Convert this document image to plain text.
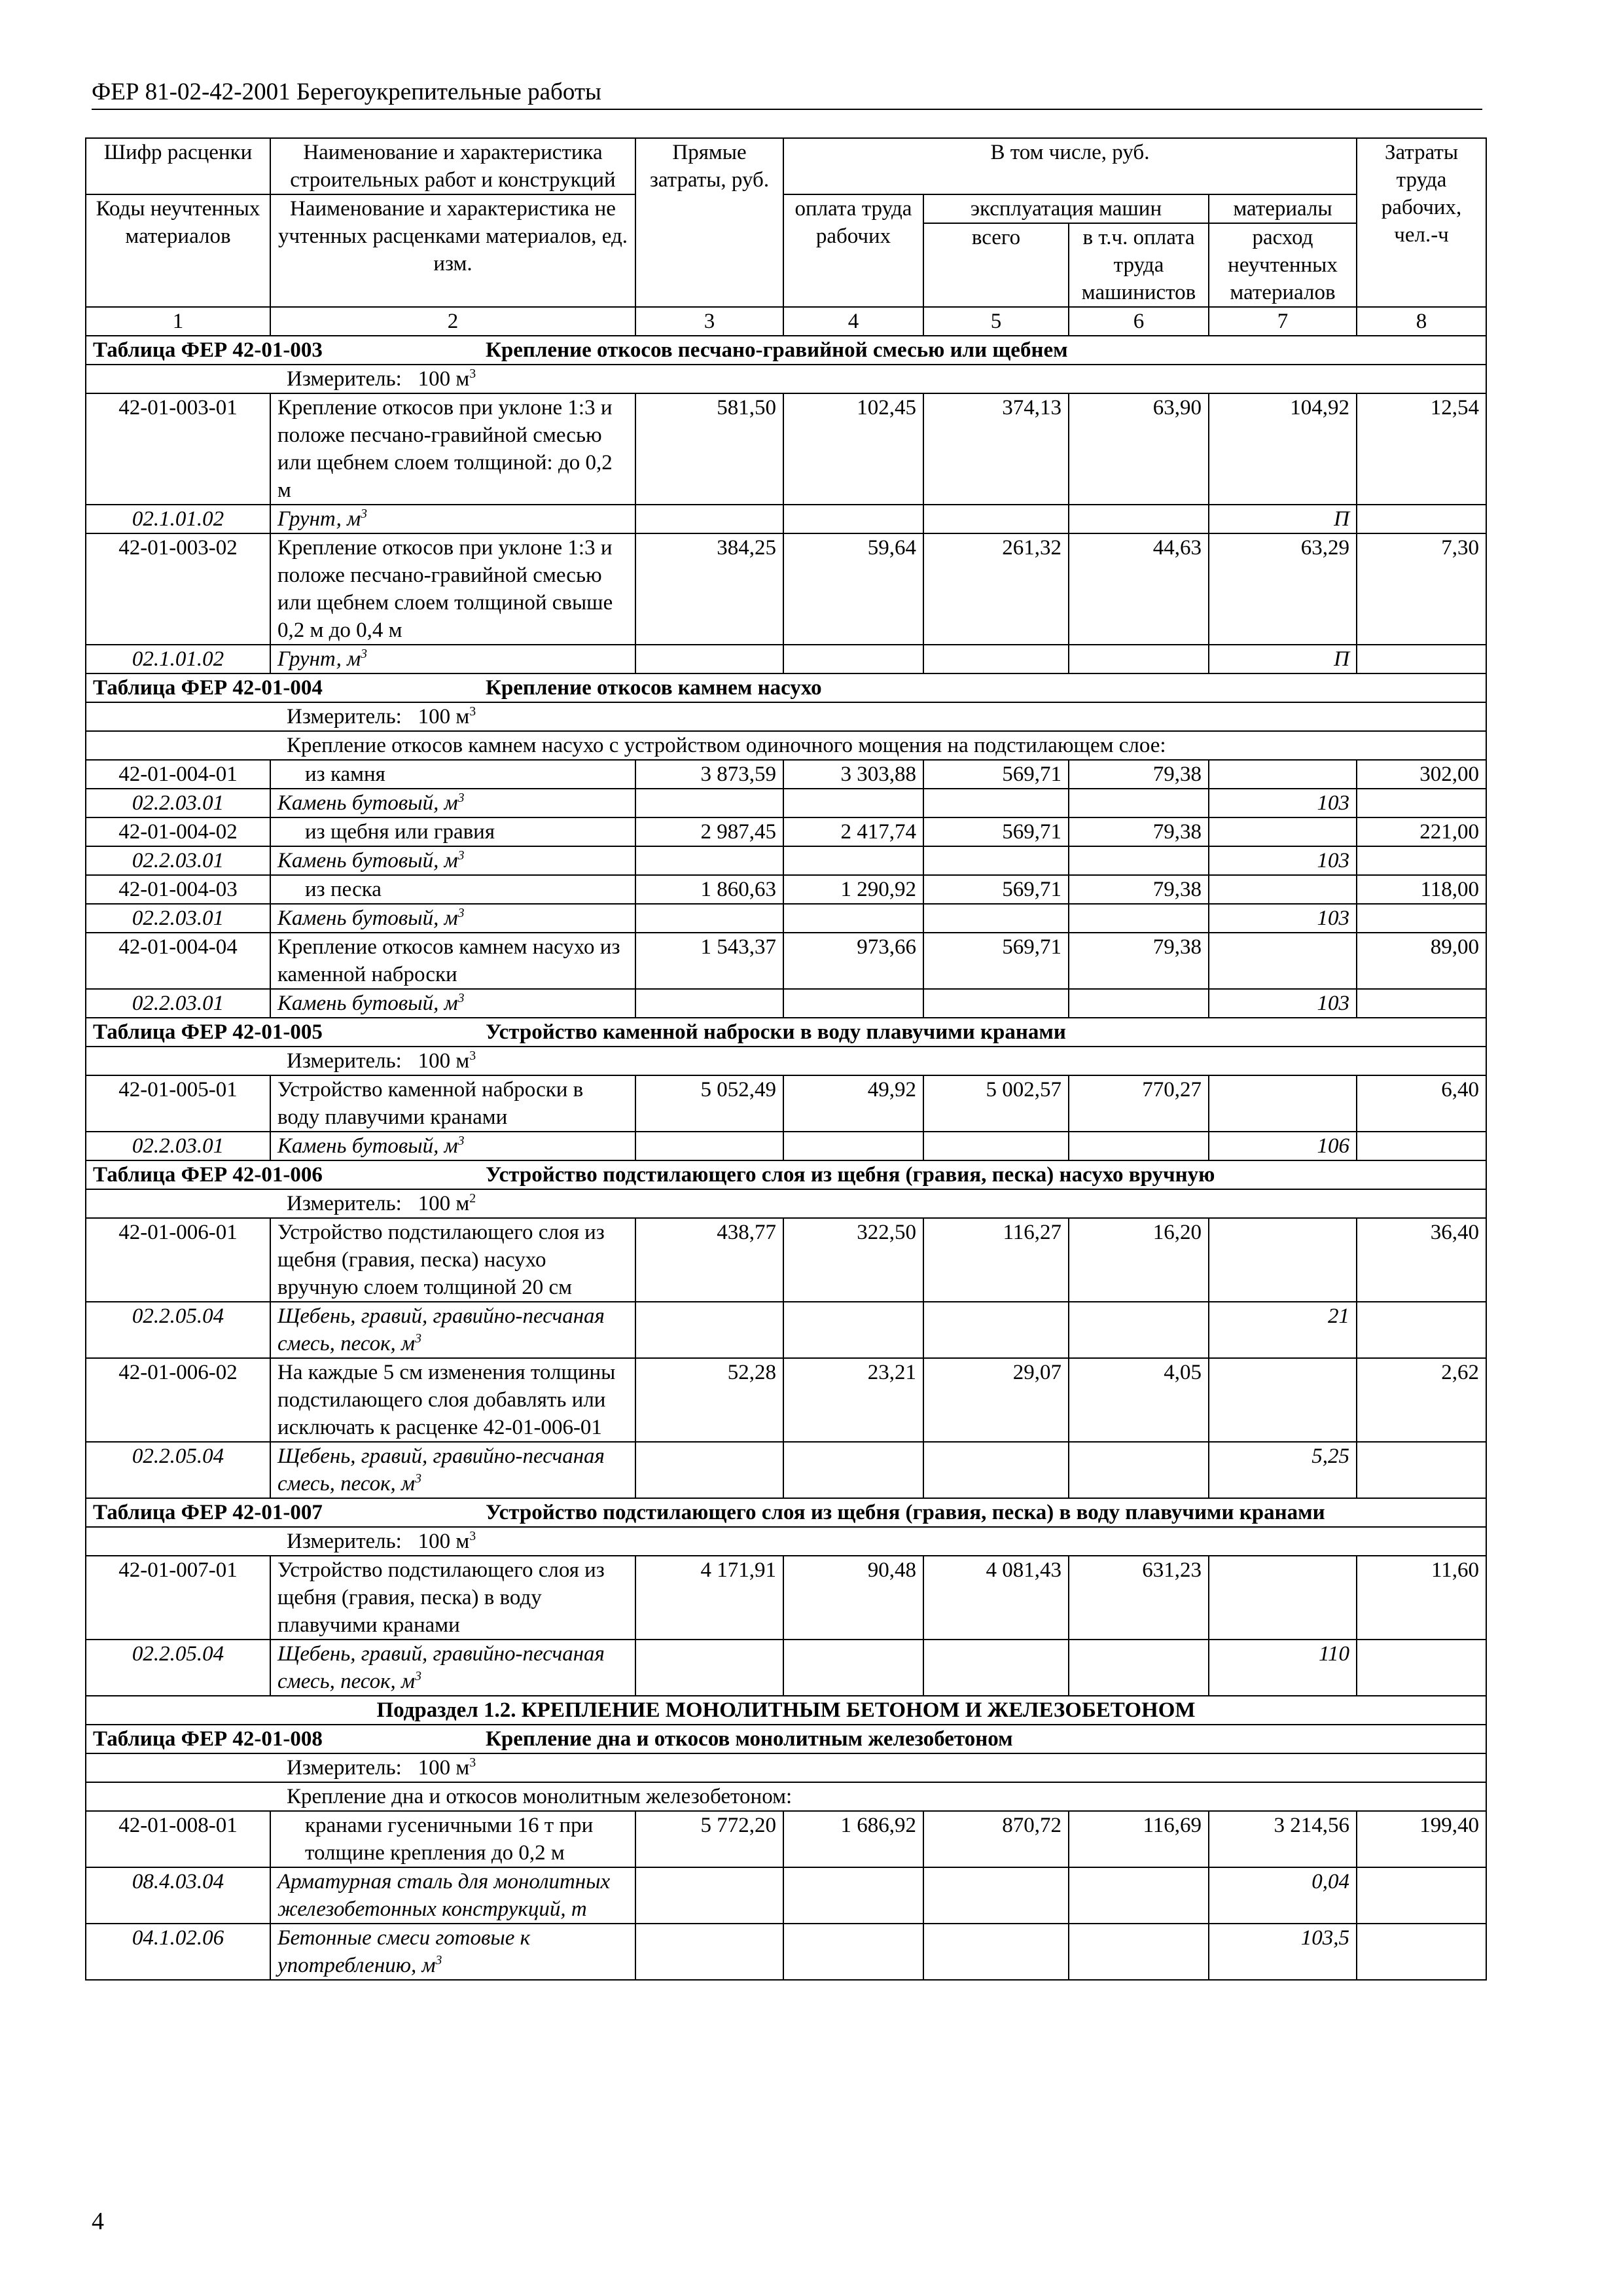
ФЕР 81-02-42-2001 Берегоукрепительные работы
Шифр расценки	Наименование и характеристика строительных работ и конструкций	Прямые затраты, руб.	В том числе, руб.				Затраты труда рабочих, чел.-ч
Коды неучтенных материалов	Наименование и характеристика не учтенных расценками материалов, ед. изм.		оплата труда рабочих	эксплуатация машин		материалы	
				всего	в т.ч. оплата труда машинистов	расход неучтенных материалов	
1	2	3	4	5	6	7	8

Таблица ФЕР 42-01-003 Крепление откосов песчано-гравийной смесью или щебнем							

Измеритель: 100 $м^3$
42-01-003-01	Крепление откосов при уклоне 1:3 и положе песчано-гравийной смесью или щебнем слоем толщиной: до 0,2 м	581,50	102,45	374,13	63,90	104,92	12,54
02.1.01.02	Грунт, $м^3$					П	
42-01-003-02	Крепление откосов при уклоне 1:3 и положе песчано-гравийной смесью или щебнем слоем толщиной свыше 0,2 м до 0,4 м	384,25	59,64	261,32	44,63	63,29	7,30
02.1.01.02	Грунт, $м^3$					П	

Таблица ФЕР 42-01-004 Крепление откосов камнем насухо							

Измеритель: 100 $м^3$
Крепление откосов камнем насухо с устройством одиночного мощения на подстилающем слое:							
42-01-004-01	из камня	3 873,59	3 303,88	569,71	79,38		302,00
02.2.03.01	Камень бутовый, $м^3$					103	
42-01-004-02	из щебня или гравия	2 987,45	2 417,74	569,71	79,38		221,00
02.2.03.01	Камень бутовый, $м^3$					103	
42-01-004-03	из песка	1 860,63	1 290,92	569,71	79,38		118,00
02.2.03.01	Камень бутовый, $м^3$					103	
42-01-004-04	Крепление откосов камнем насухо из каменной наброски	1 543,37	973,66	569,71	79,38		89,00
02.2.03.01	Камень бутовый, $м^3$					103	

Таблица ФЕР 42-01-005 Устройство каменной наброски в воду плавучими кранами							

Измеритель: 100 $м^3$
42-01-005-01	Устройство каменной наброски в воду плавучими кранами	5 052,49	49,92	5 002,57	770,27		6,40
02.2.03.01	Камень бутовый, $м^3$					106	

Таблица ФЕР 42-01-006 Устройство подстилающего слоя из щебня (гравия, песка) насухо вручную							

Измеритель: 100 $м^2$
42-01-006-01	Устройство подстилающего слоя из щебня (гравия, песка) насухо вручную слоем толщиной 20 см	438,77	322,50	116,27	16,20		36,40
02.2.05.04	Щебень, гравий, гравийно-песчаная смесь, песок, $м^3$					21	
42-01-006-02	На каждые 5 см изменения толщины подстилающего слоя добавлять или исключать к расценке 42-01-006-01	52,28	23,21	29,07	4,05		2,62
02.2.05.04	Щебень, гравий, гравийно-песчаная смесь, песок, $м^3$					5,25	

Таблица ФЕР 42-01-007 Устройство подстилающего слоя из щебня (гравия, песка) в воду плавучими кранами							

Измеритель: 100 $м^3$
42-01-007-01	Устройство подстилающего слоя из щебня (гравия, песка) в воду плавучими кранами	4 171,91	90,48	4 081,43	631,23		11,60
02.2.05.04	Щебень, гравий, гравийно-песчаная смесь, песок, $м^3$					110	
Подраздел 1.2. КРЕПЛЕНИЕ МОНОЛИТНЫМ БЕТОНОМ И ЖЕЛЕЗОБЕТОНОМ							

Таблица ФЕР 42-01-008 Крепление дна и откосов монолитным железобетоном							

Измеритель: 100 $м^3$
Крепление дна и откосов монолитным железобетоном:							
42-01-008-01	кранами гусеничными 16 т при толщине крепления до 0,2 м	5 772,20	1 686,92	870,72	116,69	3 214,56	199,40
08.4.03.04	Арматурная сталь для монолитных железобетонных конструкций, т					0,04	
04.1.02.06	Бетонные смеси готовые к употреблению, $м^3$					103,5	
4
